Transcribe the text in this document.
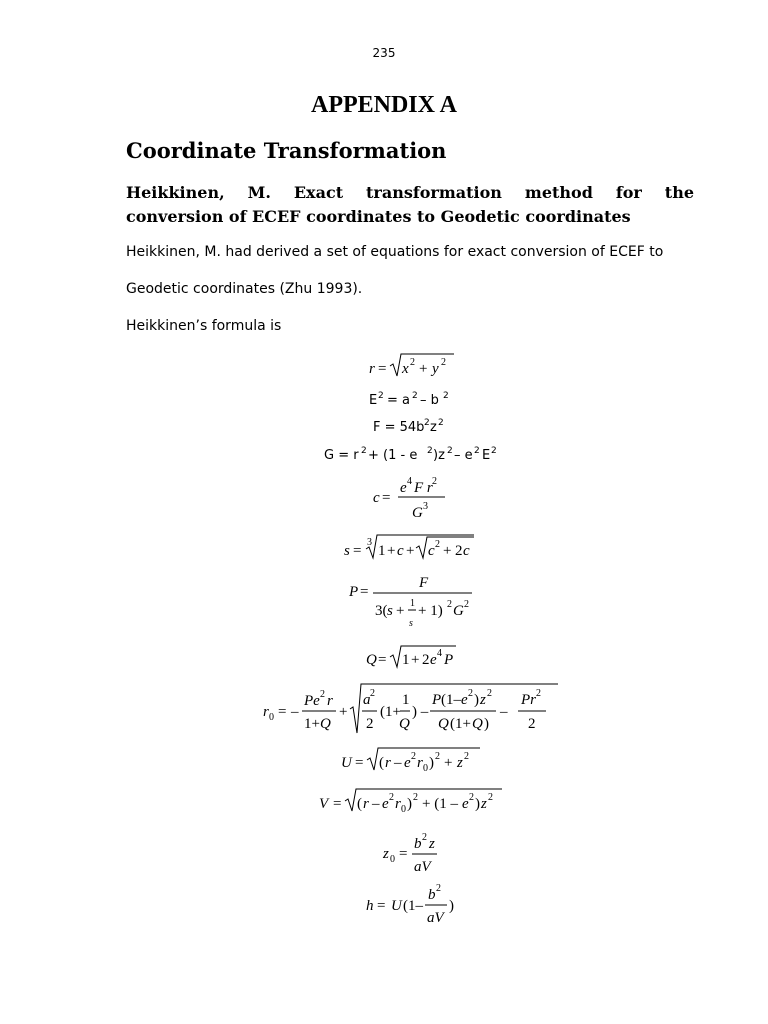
235
APPENDIX A
Coordinate Transformation
Heikkinen, M. Exact transformation method for the
conversion of ECEF coordinates to Geodetic coordinates
Heikkinen, M. had derived a set of equations for exact conversion of ECEF to
Geodetic coordinates (Zhu 1993).
Heikkinen’s formula is
r = x 2 + y 2
E 2 = a 2 – b 2
F = 54b 2 z 2
G = r 2 + (1 - e 2 )z 2 – e 2 E 2
c =
e 4 F r 2
G 3
s =
3
1 + c + c 2 + 2 c
P =
F
3( s + 1
s
+ 1) 2 G 2
Q = 1 + 2 e 4 P
r 0 = –
Pe 2 r
1+ Q
+
a 2
2
(1+
1
Q
) –
P (1– e 2 ) z 2
Q (1+ Q )
–
Pr 2
2
U = ( r – e 2 r 0 ) 2 + z 2
V = ( r – e 2 r 0 ) 2 + (1 – e 2 ) z 2
z 0 =
b 2 z
aV
h = U (1–
b 2
aV
)
